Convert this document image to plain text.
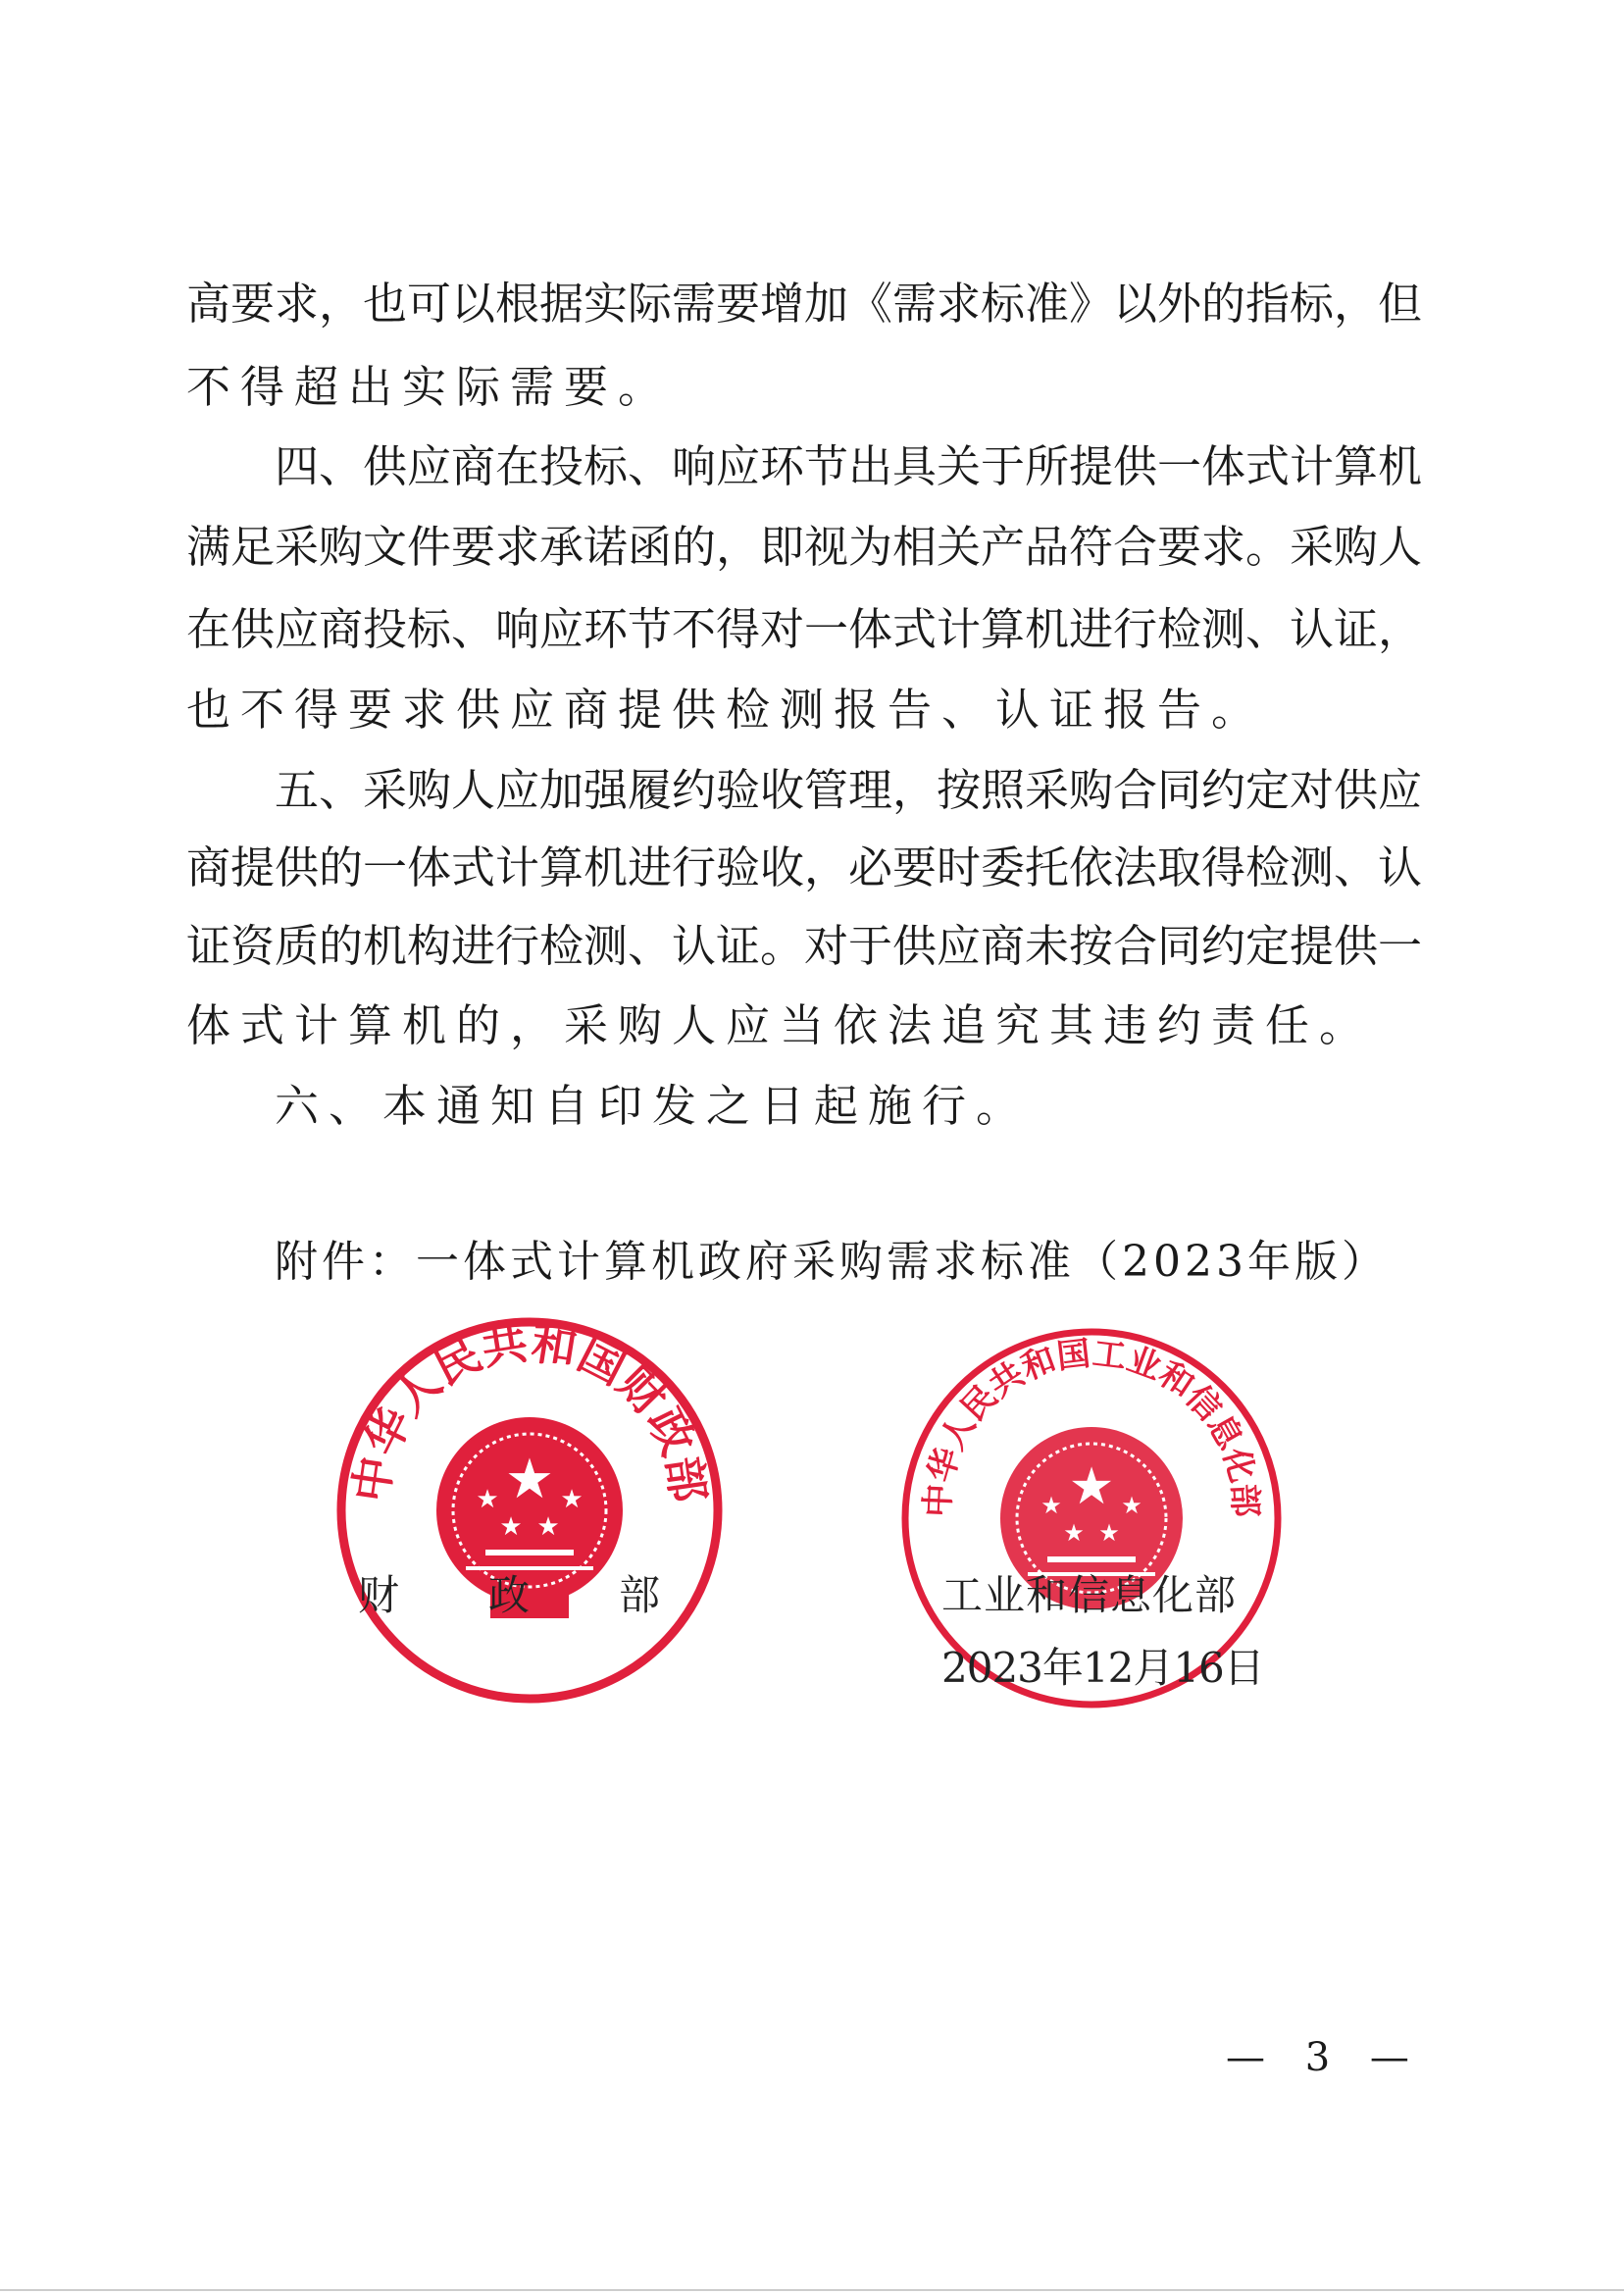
高要求，也可以根据实际需要增加《需求标准》以外的指标，但
不得超出实际需要。
四、供应商在投标、响应环节出具关于所提供一体式计算机
满足采购文件要求承诺函的，即视为相关产品符合要求。采购人
在供应商投标、响应环节不得对一体式计算机进行检测、认证，
也不得要求供应商提供检测报告、认证报告。
五、采购人应加强履约验收管理，按照采购合同约定对供应
商提供的一体式计算机进行验收，必要时委托依法取得检测、认
证资质的机构进行检测、认证。对于供应商未按合同约定提供一
体式计算机的，采购人应当依法追究其违约责任。
六、本通知自印发之日起施行。
附件：一体式计算机政府采购需求标准（2023年版）
中华人民共和国财政部
★
★ ★
★ ★
中华人民共和国工业和信息化部
★
★	★
★ ★
财 政 部	工业和信息化部
2023年12月16日
— 3 —
